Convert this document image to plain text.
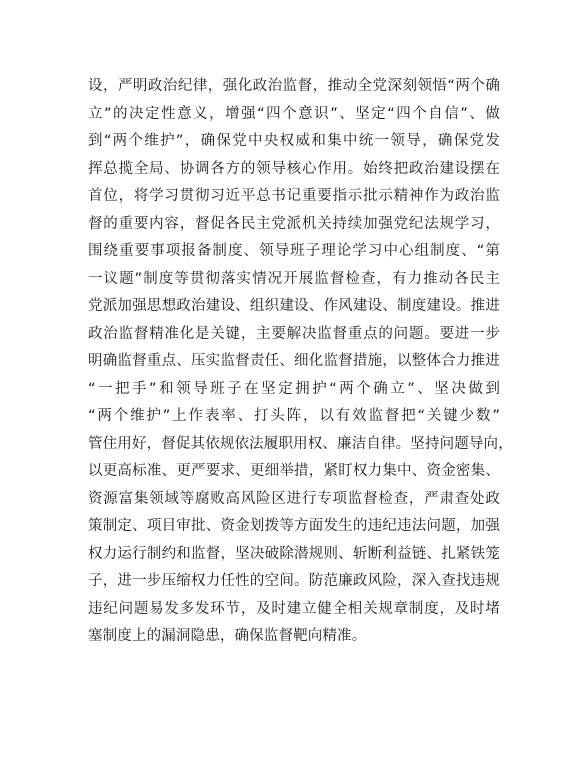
设，严明政治纪律，强化政治监督，推动全党深刻领悟“两个确
立”的决定性意义，增强“四个意识”、坚定“四个自信”、做
到“两个维护”，确保党中央权威和集中统一领导，确保党发
挥总揽全局、协调各方的领导核心作用。始终把政治建设摆在
首位，将学习贯彻习近平总书记重要指示批示精神作为政治监
督的重要内容，督促各民主党派机关持续加强党纪法规学习，
围绕重要事项报备制度、领导班子理论学习中心组制度、“第
一议题”制度等贯彻落实情况开展监督检查，有力推动各民主
党派加强思想政治建设、组织建设、作风建设、制度建设。推进
政治监督精准化是关键，主要解决监督重点的问题。要进一步
明确监督重点、压实监督责任、细化监督措施，以整体合力推进
“一把手”和领导班子在坚定拥护“两个确立”、坚决做到
“两个维护”上作表率、打头阵，以有效监督把“关键少数”
管住用好，督促其依规依法履职用权、廉洁自律。坚持问题导向，
以更高标准、更严要求、更细举措，紧盯权力集中、资金密集、
资源富集领域等腐败高风险区进行专项监督检查，严肃查处政
策制定、项目审批、资金划拨等方面发生的违纪违法问题，加强
权力运行制约和监督，坚决破除潜规则、斩断利益链、扎紧铁笼
子，进一步压缩权力任性的空间。防范廉政风险，深入查找违规
违纪问题易发多发环节，及时建立健全相关规章制度，及时堵
塞制度上的漏洞隐患，确保监督靶向精准。
